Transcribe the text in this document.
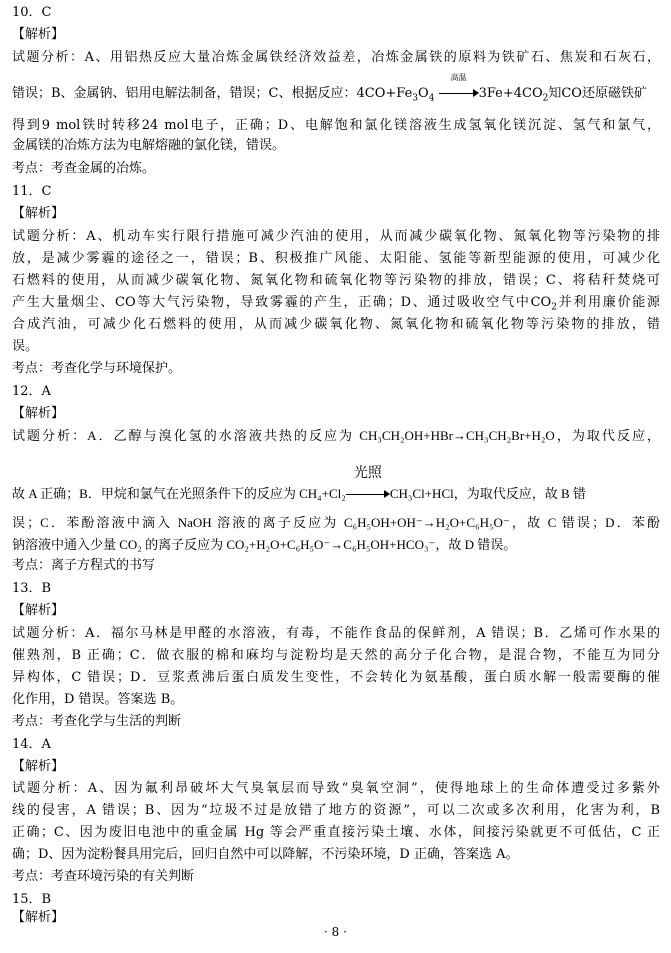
10．C
【解析】
试题分析：A、用铝热反应大量冶炼金属铁经济效益差，冶炼金属铁的原料为铁矿石、焦炭和石灰石，
错误；B、金属钠、铝用电解法制备，错误；C、根据反应：$4CO+Fe_3O_4$
高温
$3Fe+4CO_2$知CO还原磁铁矿
得到9 mol铁时转移24 mol电子，正确；D、电解饱和氯化镁溶液生成氢氧化镁沉淀、氢气和氯气，
金属镁的冶炼方法为电解熔融的氯化镁，错误。
考点：考查金属的冶炼。
11．C
【解析】
试题分析：A、机动车实行限行措施可减少汽油的使用，从而减少碳氧化物、氮氧化物等污染物的排
放，是减少雾霾的途径之一，错误；B、积极推广风能、太阳能、氢能等新型能源的使用，可减少化
石燃料的使用，从而减少碳氧化物、氮氧化物和硫氧化物等污染物的排放，错误；C、将秸秆焚烧可
产生大量烟尘、CO等大气污染物，导致雾霾的产生，正确；D、通过吸收空气中$CO_2$并利用廉价能源
合成汽油，可减少化石燃料的使用，从而减少碳氧化物、氮氧化物和硫氧化物等污染物的排放，错
误。
考点：考查化学与环境保护。
12．A
【解析】
试题分析：A．乙醇与溴化氢的水溶液共热的反应为 CH₃CH₂OH+HBr→CH₃CH₂Br+H₂O，为取代反应，
故 A 正确；B．甲烷和氯气在光照条件下的反应为 CH₄+Cl₂
光照
CH₃Cl+HCl，为取代反应，故 B 错
误；C．苯酚溶液中滴入 NaOH 溶液的离子反应为 C₆H₅OH+OH⁻→H₂O+C₆H₅O⁻，故 C 错误；D．苯酚
钠溶液中通入少量 CO₂ 的离子反应为 CO₂+H₂O+C₆H₅O⁻→C₆H₅OH+HCO₃⁻，故 D 错误。
考点：离子方程式的书写
13．B
【解析】
试题分析：A．福尔马林是甲醛的水溶液，有毒，不能作食品的保鲜剂，A 错误；B．乙烯可作水果的
催熟剂，B 正确；C．做衣服的棉和麻均与淀粉均是天然的高分子化合物，是混合物，不能互为同分
异构体，C 错误；D．豆浆煮沸后蛋白质发生变性，不会转化为氨基酸，蛋白质水解一般需要酶的催
化作用，D 错误。答案选 B。
考点：考查化学与生活的判断
14．A
【解析】
试题分析：A、因为氟利昂破坏大气臭氧层而导致“臭氧空洞”，使得地球上的生命体遭受过多紫外
线的侵害，A 错误；B、因为“垃圾不过是放错了地方的资源”，可以二次或多次利用，化害为利，B
正确；C、因为废旧电池中的重金属 Hg 等会严重直接污染土壤、水体，间接污染就更不可低估，C 正
确；D、因为淀粉餐具用完后，回归自然中可以降解，不污染环境，D 正确，答案选 A。
考点：考查环境污染的有关判断
15．B
【解析】
· 8 ·
